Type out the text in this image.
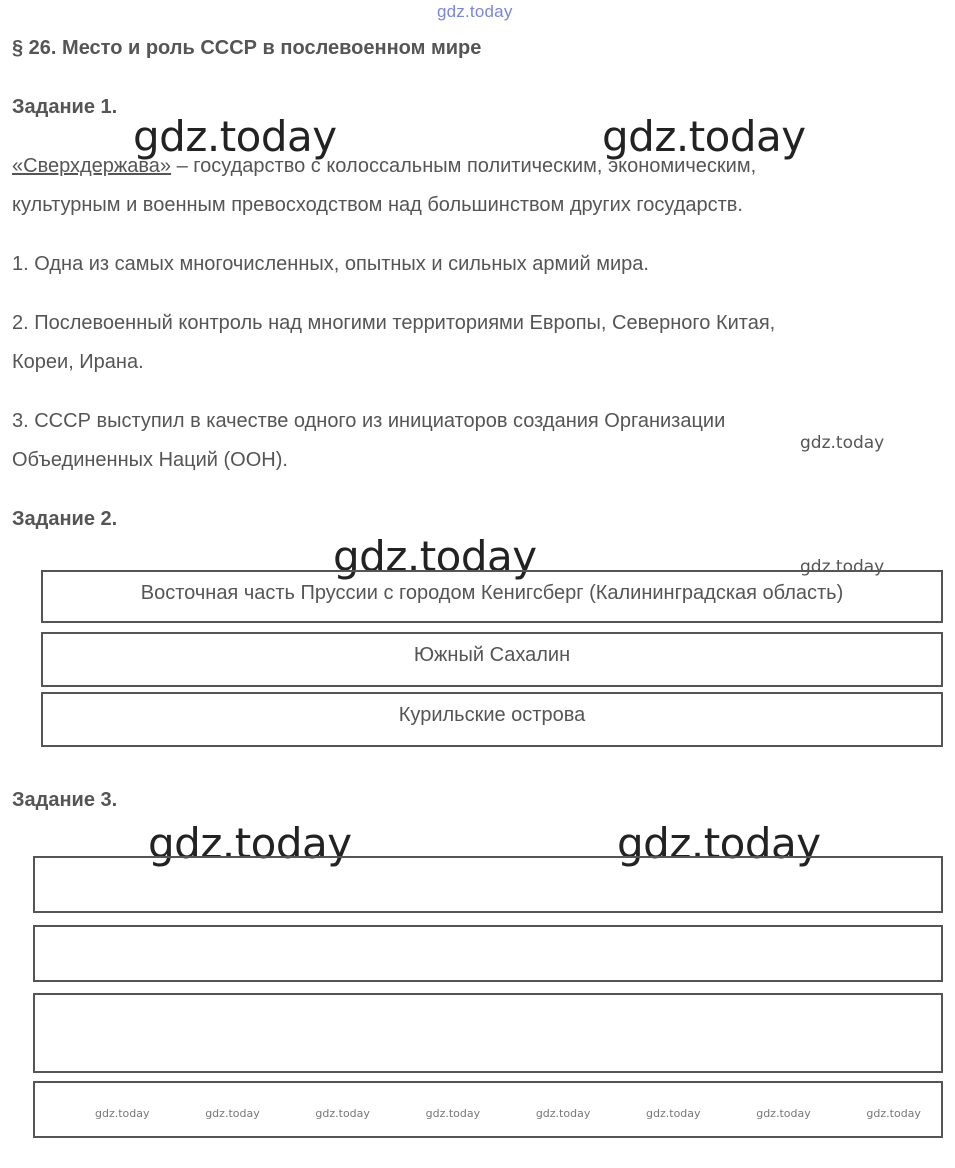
gdz.today
§ 26. Место и роль СССР в послевоенном мире
Задание 1.
gdz.today	gdz.today
«Сверхдержава» – государство с колоссальным политическим, экономическим,
культурным и военным превосходством над большинством других государств.
1. Одна из самых многочисленных, опытных и сильных армий мира.
2. Послевоенный контроль над многими территориями Европы, Северного Китая,
Кореи, Ирана.
3. СССР выступил в качестве одного из инициаторов создания Организации
Объединенных Наций (ООН).
gdz.today
Задание 2.
gdz.today	gdz.today
Восточная часть Пруссии с городом Кенигсберг (Калининградская область)
Южный Сахалин
Курильские острова
Задание 3.
gdz.today	gdz.today
gdz.today	gdz.today	gdz.today	gdz.today	gdz.today	gdz.today	gdz.today	gdz.today
